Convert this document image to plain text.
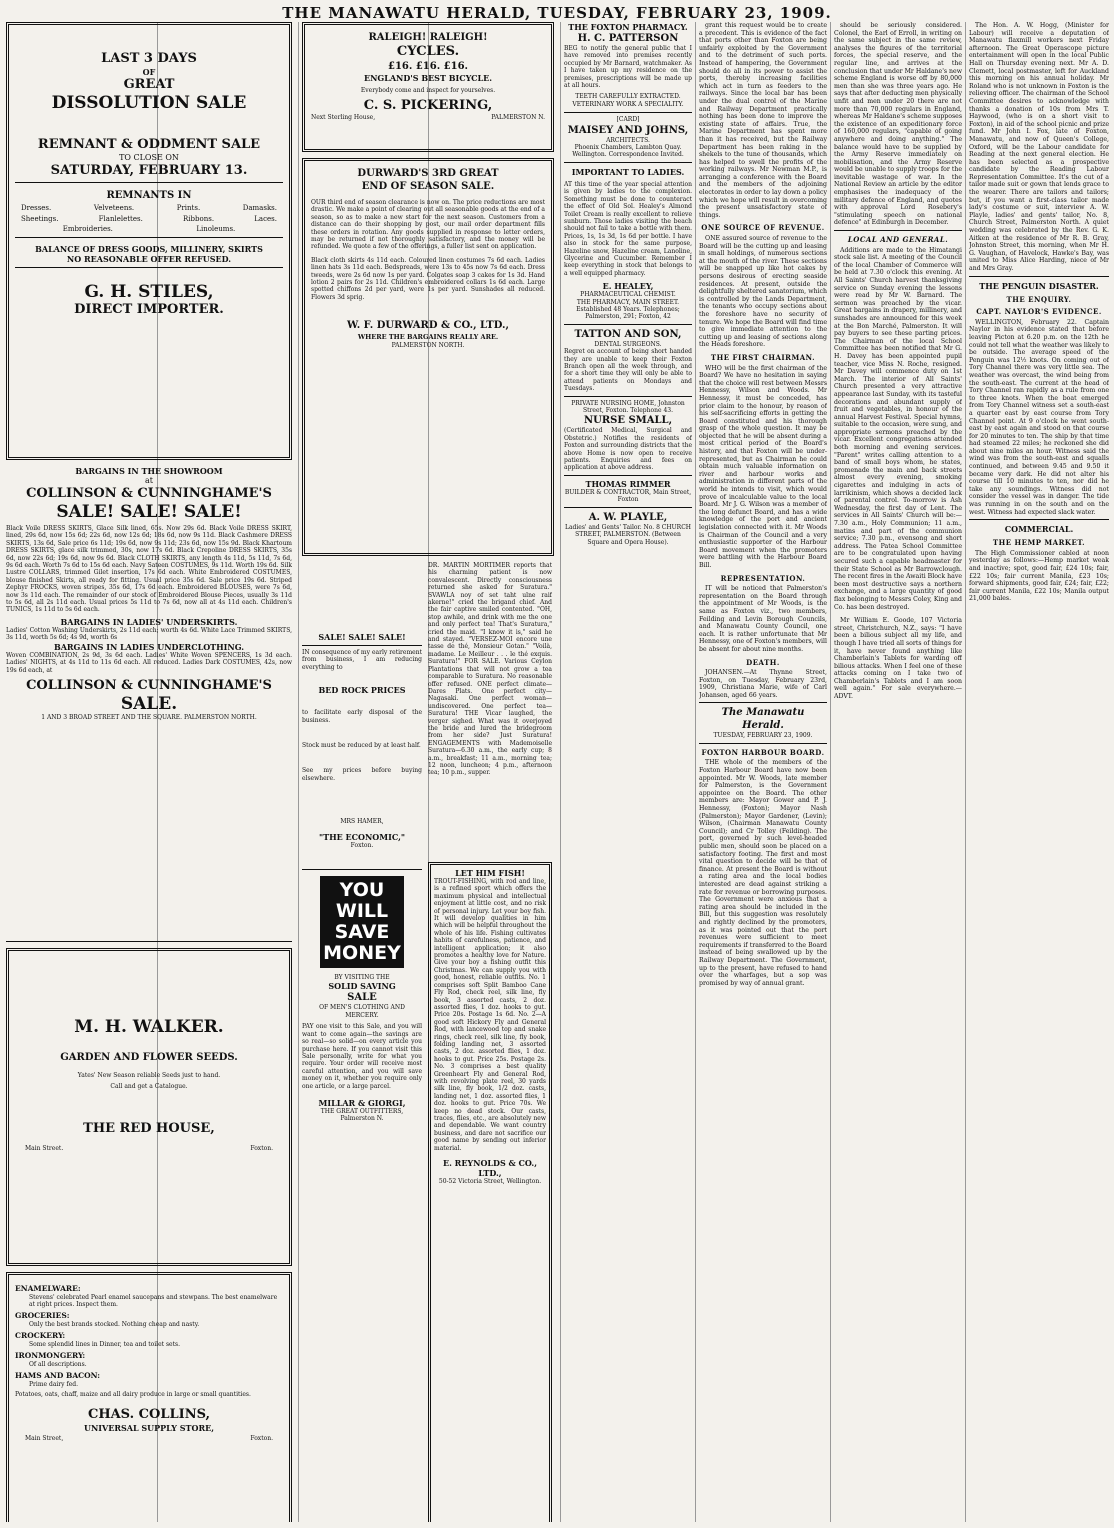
THE MANAWATU HERALD, TUESDAY, FEBRUARY 23, 1909.
LAST 3 DAYS
OF
GREAT
DISSOLUTION SALE
REMNANT & ODDMENT SALE
TO CLOSE ON
SATURDAY, FEBRUARY 13.
REMNANTS IN
Dresses.	Velveteens.	Prints.	Damasks.
Sheetings.	Flanlelettes.	Ribbons.	Laces.
Embroideries.	Linoleums.
BALANCE OF DRESS GOODS, MILLINERY, SKIRTS
NO REASONABLE OFFER REFUSED.
G. H. STILES,
DIRECT IMPORTER.
BARGAINS IN THE SHOWROOM
at
COLLINSON & CUNNINGHAME'S
SALE! SALE! SALE!
Black Voile DRESS SKIRTS, Glace Silk lined, 65s. Now 29s 6d. Black Voile DRESS SKIRT, lined, 29s 6d, now 15s 6d; 22s 6d, now 12s 6d; 18s 6d, now 9s 11d. Black Cashmere DRESS SKIRTS, 13s 6d, Sale price 6s 11d; 19s 6d, now 9s 11d; 23s 6d, now 15s 9d. Black Khartoum DRESS SKIRTS, glace silk trimmed, 30s, now 17s 6d. Black Crepoline DRESS SKIRTS, 35s 6d, now 22s 6d; 19s 6d, now 9s 6d. Black CLOTH SKIRTS, any length 4s 11d, 5s 11d, 7s 6d, 9s 6d each. Worth 7s 6d to 15s 6d each. Navy Sateen COSTUMES, 9s 11d. Worth 19s 6d. Silk Lustre COLLARS, trimmed Gilet insertion, 17s 6d each. White Embroidered COSTUMES, blouse finished Skirts, all ready for fitting. Usual price 35s 6d. Sale price 19s 6d. Striped Zephyr FROCKS, woven stripes, 35s 6d, 17s 6d each. Embroidered BLOUSES, were 7s 6d, now 3s 11d each. The remainder of our stock of Embroidered Blouse Pieces, usually 3s 11d to 5s 6d, all 2s 11d each. Usual prices 5s 11d to 7s 6d, now all at 4s 11d each. Children's TUNICS, 1s 11d to 5s 6d each.
BARGAINS IN LADIES' UNDERSKIRTS.
Ladies' Cotton Washing Underskirts, 2s 11d each; worth 4s 6d. White Lace Trimmed SKIRTS, 3s 11d, worth 5s 6d; 4s 9d, worth 6s
BARGAINS IN LADIES UNDERCLOTHING.
Woven COMBINATION, 2s 9d, 3s 6d each. Ladies' White Woven SPENCERS, 1s 3d each. Ladies' NIGHTS, at 4s 11d to 11s 6d each. All reduced. Ladies Dark COSTUMES, 42s, now 19s 6d each, at
COLLINSON & CUNNINGHAME'S
SALE.
1 AND 3 BROAD STREET AND THE SQUARE. PALMERSTON NORTH.
M. H. WALKER.
GARDEN AND FLOWER SEEDS.
Yates' New Season reliable Seeds just to hand.
Call and get a Catalogue.
THE RED HOUSE,
Main Street.	Foxton.
ENAMELWARE:
Stevens' celebrated Pearl enamel saucepans and stewpans. The best enamelware at right prices. Inspect them.
GROCERIES:
Only the best brands stocked. Nothing cheap and nasty.
CROCKERY:
Some splendid lines in Dinner, tea and toilet sets.
IRONMONGERY:
Of all descriptions.
HAMS AND BACON:
Prime dairy fed.
Potatoes, oats, chaff, maize and all dairy produce in large or small quantities.
CHAS. COLLINS,
UNIVERSAL SUPPLY STORE,
Main Street,	Foxton.
RALEIGH! RALEIGH!
CYCLES.
£16. £16. £16.
ENGLAND'S BEST BICYCLE.
Everybody come and inspect for yourselves.
C. S. PICKERING,
Next Sterling House,	PALMERSTON N.
DURWARD'S 3RD GREAT
END OF SEASON SALE.
OUR third end of season clearance is now on. The price reductions are most drastic. We make a point of clearing out all seasonable goods at the end of a season, so as to make a new start for the next season. Customers from a distance can do their shopping by post, our mail order department fills these orders in rotation. Any goods supplied in response to letter orders, may be returned if not thoroughly satisfactory, and the money will be refunded. We quote a few of the offerings, a fuller list sent on application.
Black cloth skirts 4s 11d each. Coloured linen costumes 7s 6d each. Ladies linen hats 3s 11d each. Bedspreads, were 13s to 45s now 7s 6d each. Dress tweeds, were 2s 6d now 1s per yard. Colgates soap 3 cakes for 1s 3d. Hand lotion 2 pairs for 2s 11d. Children's embroidered collars 1s 6d each. Large spotted chiffons 2d per yard, were 1s per yard. Sunshades all reduced. Flowers 3d sprig.
W. F. DURWARD & CO., LTD.,
WHERE THE BARGAINS REALLY ARE.
PALMERSTON NORTH.
SALE! SALE! SALE!
IN consequence of my early retirement from business, I am reducing everything to
BED ROCK PRICES
to facilitate early disposal of the business.
Stock must be reduced by at least half.
See my prices before buying elsewhere.
MRS HAMER,
"THE ECONOMIC,"
Foxton.
YOU
WILL
SAVE
MONEY
BY VISITING THE
SOLID SAVING
SALE
OF MEN'S CLOTHING AND MERCERY.
PAY one visit to this Sale, and you will want to come again—the savings are so real—so solid—on every article you purchase here. If you cannot visit this Sale personally, write for what you require. Your order will receive most careful attention, and you will save money on it, whether you require only one article, or a large parcel.
MILLAR & GIORGI,
THE GREAT OUTFITTERS,
Palmerston N.
DR. MARTIN MORTIMER reports that his charming patient is now convalescent. Directly consciousness returned she asked for Suratura." SVAWLA noy of set taht ulne raif akerne!" cried the brigand chief. And the fair captive smiled contented. "OH, stop awhile, and drink with me the one and only perfect tea! That's Suratura," cried the maid. "I know it is," said he and stayed. "VERSEZ-MOI encore une tasse de thé, Monsieur Gotan." "Voilà, madame. Le Meilleur . . . le thé exquis. Suratura!" FOR SALE. Various Ceylon Plantations that will not grow a tea comparable to Suratura. No reasonable offer refused. ONE perfect climate—Dares Plats. One perfect city—Nagasaki. One perfect woman—undiscovered. One perfect tea—Suratura! THE Vicar laughed, the verger sighed. What was it overjoyed the bride and lured the bridegroom from her side? Just Suratura! ENGAGEMENTS with Mademoiselle Suratura—6.30 a.m., the early cup; 8 a.m., breakfast; 11 a.m., morning tea; 12 noon, luncheon; 4 p.m., afternoon tea; 10 p.m., supper.
LET HIM FISH!
TROUT-FISHING, with rod and line, is a refined sport which offers the maximum physical and intellectual enjoyment at little cost, and no risk of personal injury. Let your boy fish. It will develop qualities in him which will be helpful throughout the whole of his life. Fishing cultivates habits of carefulness, patience, and intelligent application; it also promotes a healthy love for Nature. Give your boy a fishing outfit this Christmas. We can supply you with good, honest, reliable outfits. No. 1 comprises soft Split Bamboo Cane Fly Rod, check reel, silk line, fly book, 3 assorted casts, 2 doz. assorted flies, 1 doz. hooks to gut. Price 20s. Postage 1s 6d. No. 2—A good soft Hickory Fly and General Rod, with lancewood top and snake rings, check reel, silk line, fly book, folding landing net, 3 assorted casts, 2 doz. assorted flies, 1 doz. hooks to gut. Price 25s. Postage 2s. No. 3 comprises a best quality Greenheart Fly and General Rod, with revolving plate reel, 30 yards silk line, fly book, 1/2 doz. casts, landing net, 1 doz. assorted flies, 1 doz. hooks to gut. Price 70s. We keep no dead stock. Our casts, traces, flies, etc., are absolutely new and dependable. We want country business, and dare not sacrifice our good name by sending out inferior material.
E. REYNOLDS & CO., LTD.,
50-52 Victoria Street, Wellington.
THE FOXTON PHARMACY.
H. C. PATTERSON
BEG to notify the general public that I have removed into premises recently occupied by Mr Barnard, watchmaker. As I have taken up my residence on the premises, prescriptions will be made up at all hours.
TEETH CAREFULLY EXTRACTED. VETERINARY WORK A SPECIALITY.
[CARD]
MAISEY AND JOHNS,
ARCHITECTS.
Phoenix Chambers, Lambton Quay. Wellington. Correspondence Invited.
IMPORTANT TO LADIES.
AT this time of the year special attention is given by ladies to the complexion. Something must be done to counteract the effect of Old Sol. Healey's Almond Toilet Cream is really excellent to relieve sunburn. Those ladies visiting the beach should not fail to take a bottle with them. Prices, 1s, 1s 3d, 1s 6d per bottle. I have also in stock for the same purpose, Hazeline snow, Hazeline cream, Lanoline, Glycerine and Cucumber. Remember I keep everything in stock that belongs to a well equipped pharmacy.
E. HEALEY,
PHARMACEUTICAL CHEMIST.
THE PHARMACY, MAIN STREET. Established 48 Years. Telephones; Palmerston, 291; Foxton, 42
TATTON AND SON,
DENTAL SURGEONS.
Regret on account of being short handed they are unable to keep their Foxton Branch open all the week through, and for a short time they will only be able to attend patients on Mondays and Tuesdays.
PRIVATE NURSING HOME, Johnston Street, Foxton. Telephone 43.
NURSE SMALL,
(Certificated Medical, Surgical and Obstetric.) Notifies the residents of Foxton and surrounding districts that the above Home is now open to receive patients. Enquiries and fees on application at above address.
THOMAS RIMMER
BUILDER & CONTRACTOR, Main Street, Foxton
A. W. PLAYLE,
Ladies' and Gents' Tailor. No. 8 CHURCH STREET, PALMERSTON. (Between Square and Opera House).
grant this request would be to create a precedent. This is evidence of the fact that ports other than Foxton are being unfairly exploited by the Government and to the detriment of such ports. Instead of hampering, the Government should do all in its power to assist the ports, thereby increasing facilities which act in turn as feeders to the railways. Since the local bar has been under the dual control of the Marine and Railway Department practically nothing has been done to improve the existing state of affairs. True, the Marine Department has spent more than it has received, but the Railway Department has been raking in the shekels to the tune of thousands, which has helped to swell the profits of the working railways. Mr Newman M.P., is arranging a conference with the Board and the members of the adjoining electorates in order to lay down a policy which we hope will result in overcoming the present unsatisfactory state of things.
ONE SOURCE OF REVENUE.
ONE assured source of revenue to the Board will be the cutting up and leasing in small holdings, of numerous sections at the mouth of the river. These sections will be snapped up like hot cakes by persons desirous of erecting seaside residences. At present, outside the delightfully sheltered sanatorium, which is controlled by the Lands Department, the tenants who occupy sections about the foreshore have no security of tenure. We hope the Board will find time to give immediate attention to the cutting up and leasing of sections along the Heads foreshore.
THE FIRST CHAIRMAN.
WHO will be the first chairman of the Board? We have no hesitation in saying that the choice will rest between Messrs Hennessy, Wilson and Woods. Mr Hennessy, it must be conceded, has prior claim to the honour, by reason of his self-sacrificing efforts in getting the Board constituted and his thorough grasp of the whole question. It may be objected that he will be absent during a most critical period of the Board's history, and that Foxton will be under-represented, but as Chairman he could obtain much valuable information on river and harbour works and administration in different parts of the world he intends to visit, which would prove of incalculable value to the local Board. Mr J. G. Wilson was a member of the long defunct Board, and has a wide knowledge of the port and ancient legislation connected with it. Mr Woods is Chairman of the Council and a very enthusiastic supporter of the Harbour Board movement when the promoters were battling with the Harbour Board Bill.
REPRESENTATION.
IT will be noticed that Palmerston's representation on the Board through the appointment of Mr Woods, is the same as Foxton viz., two members, Feilding and Levin Borough Councils, and Manawatu County Council, one each. It is rather unfortunate that Mr Hennessy, one of Foxton's members, will be absent for about nine months.
DEATH.
JOHANSEN.—At Thynne Street, Foxton, on Tuesday, February 23rd, 1909, Christiana Marie, wife of Carl Johansen, aged 66 years.
The Manawatu Herald.
TUESDAY, FEBRUARY 23, 1909.
FOXTON HARBOUR BOARD.
THE whole of the members of the Foxton Harbour Board have now been appointed. Mr W. Woods, late member for Palmerston, is the Government appointee on the Board. The other members are: Mayor Gower and P. J. Hennessy, (Foxton); Mayor Nash (Palmerston); Mayor Gardener, (Levin); Wilson, (Chairman Manawatu County Council); and Cr Tolley (Feilding). The port, governed by such level-headed public men, should soon be placed on a satisfactory footing. The first and most vital question to decide will be that of finance. At present the Board is without a rating area and the local bodies interested are dead against striking a rate for revenue or borrowing purposes. The Government were anxious that a rating area should be included in the Bill, but this suggestion was resolutely and rightly declined by the promoters, as it was pointed out that the port revenues were sufficient to meet requirements if transferred to the Board instead of being swallowed up by the Railway Department. The Government, up to the present, have refused to hand over the wharfages, but a sop was promised by way of annual grant.
should be seriously considered. Colonel, the Earl of Erroll, in writing on the same subject in the same review, analyses the figures of the territorial forces, the special reserve, and the regular line, and arrives at the conclusion that under Mr Haldane's new scheme England is worse off by 80,000 men than she was three years ago. He says that after deducting men physically unfit and men under 20 there are not more than 70,000 regulars in England, whereas Mr Haldane's scheme supposes the existence of an expeditionary force of 160,000 regulars, "capable of going anywhere and doing anything." The balance would have to be supplied by the Army Reserve immediately on mobilisation, and the Army Reserve would be unable to supply troops for the inevitable wastage of war. In the National Review an article by the editor emphasises the inadequacy of the military defence of England, and quotes with approval Lord Rosebery's "stimulating speech on national defence" at Edinburgh in December.
LOCAL AND GENERAL.
Additions are made to the Himatangi stock sale list. A meeting of the Council of the local Chamber of Commerce will be held at 7.30 o'clock this evening. At All Saints' Church harvest thanksgiving service on Sunday evening the lessons were read by Mr W. Barnard. The sermon was preached by the vicar. Great bargains in drapery, millinery, and sunshades are announced for this week at the Bon Marché, Palmerston. It will pay buyers to see these parting prices. The Chairman of the local School Committee has been notified that Mr G. H. Davey has been appointed pupil teacher, vice Miss N. Roche, resigned. Mr Davey will commence duty on 1st March. The interior of All Saints' Church presented a very attractive appearance last Sunday, with its tasteful decorations and abundant supply of fruit and vegetables, in honour of the annual Harvest Festival. Special hymns, suitable to the occasion, were sung, and appropriate sermons preached by the vicar. Excellent congregations attended both morning and evening services. "Parent" writes calling attention to a band of small boys whom, he states, promenade the main and back streets almost every evening, smoking cigarettes and indulging in acts of larrikinism, which shows a decided lack of parental control. To-morrow is Ash Wednesday, the first day of Lent. The services in All Saints' Church will be:—7.30 a.m., Holy Communion; 11 a.m., matins and part of the communion service; 7.30 p.m., evensong and short address. The Patea School Committee are to be congratulated upon having secured such a capable headmaster for their State School as Mr Barrowclough. The recent fires in the Awaiti Block have been most destructive says a northern exchange, and a large quantity of good flax belonging to Messrs Coley, King and Co. has been destroyed.
Mr William E. Goode, 107 Victoria street, Christchurch, N.Z., says: "I have been a bilious subject all my life, and though I have tried all sorts of things for it, have never found anything like Chamberlain's Tablets for warding off bilious attacks. When I feel one of these attacks coming on I take two of Chamberlain's Tablets and I am soon well again." For sale everywhere.—ADVT.
The Hon. A. W. Hogg, (Minister for Labour) will receive a deputation of Manawatu flaxmill workers next Friday afternoon. The Great Operascope picture entertainment will open in the local Public Hall on Thursday evening next. Mr A. D. Clemett, local postmaster, left for Auckland this morning on his annual holiday. Mr Roland who is not unknown in Foxton is the relieving officer. The chairman of the School Committee desires to acknowledge with thanks a donation of 10s from Mrs T. Haywood, (who is on a short visit to Foxton), in aid of the school picnic and prize fund. Mr John I. Fox, late of Foxton, Manawatu, and now of Queen's College, Oxford, will be the Labour candidate for Reading at the next general election. He has been selected as a prospective candidate by the Reading Labour Representation Committee. It's the cut of a tailor made suit or gown that lends grace to the wearer. There are tailors and tailors; but, if you want a first-class tailor made lady's costume or suit, interview A. W. Playle, ladies' and gents' tailor, No. 8, Church Street, Palmerston North. A quiet wedding was celebrated by the Rev. G. K. Aitken at the residence of Mr R. B. Gray, Johnston Street, this morning, when Mr H. G. Vaughan, of Havelock, Hawke's Bay, was united to Miss Alice Harding, niece of Mr and Mrs Gray.
THE PENGUIN DISASTER.
THE ENQUIRY.
CAPT. NAYLOR'S EVIDENCE.
WELLINGTON, February 22. Captain Naylor in his evidence stated that before leaving Picton at 6.20 p.m. on the 12th he could not tell what the weather was likely to be outside. The average speed of the Penguin was 12½ knots. On coming out of Tory Channel there was very little sea. The weather was overcast, the wind being from the south-east. The current at the head of Tory Channel ran rapidly as a rule from one to three knots. When the boat emerged from Tory Channel witness set a south-east a quarter east by east course from Tory Channel point. At 9 o'clock he went south-east by east again and stood on that course for 20 minutes to ten. The ship by that time had steamed 22 miles; he reckoned she did about nine miles an hour. Witness said the wind was from the south-east and squalls continued, and between 9.45 and 9.50 it became very dark. He did not alter his course till 10 minutes to ten, nor did he take any soundings. Witness did not consider the vessel was in danger. The tide was running in on the south and on the west. Witness had expected slack water.
COMMERCIAL.
THE HEMP MARKET.
The High Commissioner cabled at noon yesterday as follows:—Hemp market weak and inactive; spot, good fair, £24 10s; fair, £22 10s; fair current Manila, £23 10s; forward shipments, good fair, £24; fair, £22; fair current Manila, £22 10s; Manila output 21,000 bales.
